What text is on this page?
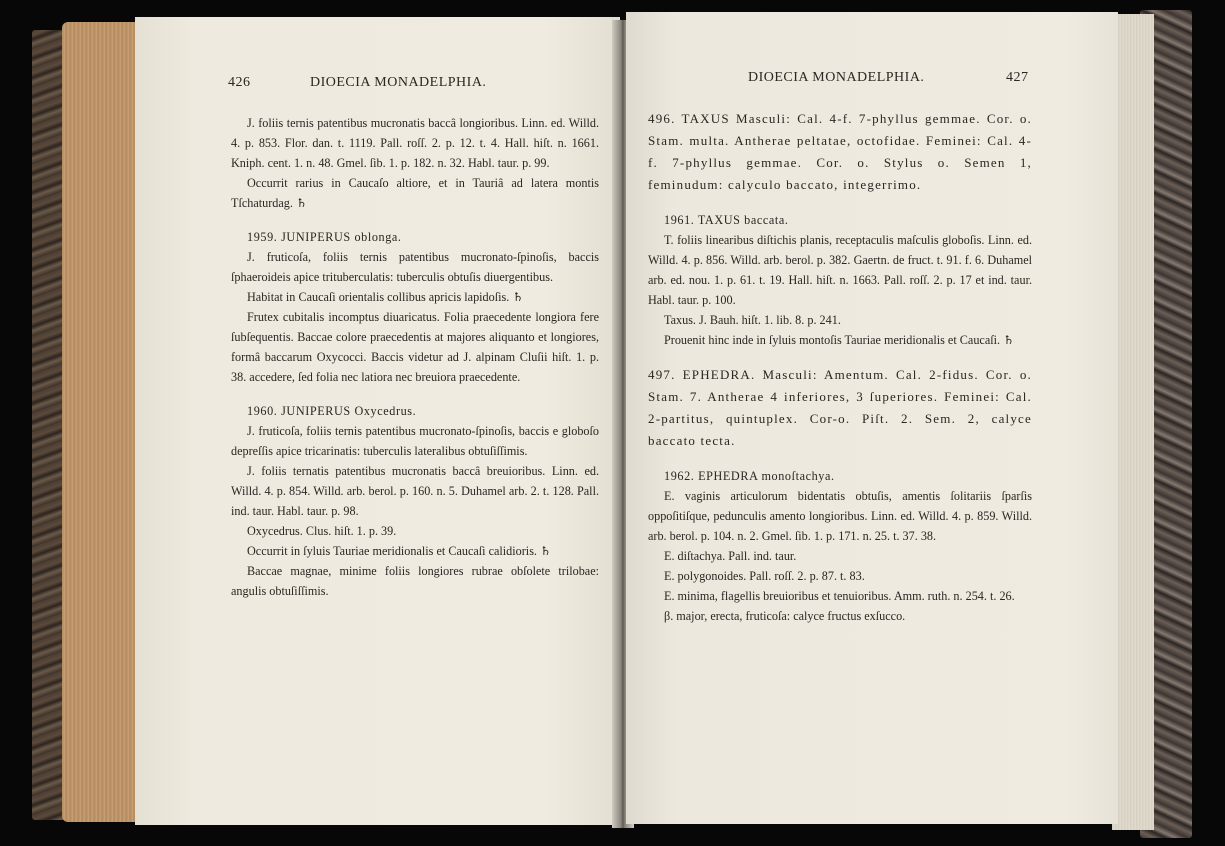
426	DIOECIA MONADELPHIA.

J. foliis ternis patentibus mucronatis baccâ longioribus. Linn. ed. Willd. 4. p. 853. Flor. dan. t. 1119. Pall. roſſ. 2. p. 12. t. 4. Hall. hiſt. n. 1661. Kniph. cent. 1. n. 48. Gmel. ſib. 1. p. 182. n. 32. Habl. taur. p. 99.

Occurrit rarius in Caucaſo altiore, et in Tauriâ ad latera montis Tſchaturdag. ♄

1959. JUNIPERUS oblonga.

J. fruticoſa, foliis ternis patentibus mucronato-ſpinoſis, baccis ſphaeroideis apice trituberculatis: tuberculis obtuſis diuergentibus.

Habitat in Caucaſi orientalis collibus apricis lapidoſis. ♄

Frutex cubitalis incomptus diuaricatus. Folia praecedente longiora fere ſubſequentis. Baccae colore praecedentis at majores aliquanto et longiores, formâ baccarum Oxycocci. Baccis videtur ad J. alpinam Cluſii hiſt. 1. p. 38. accedere, ſed folia nec latiora nec breuiora praecedente.

1960. JUNIPERUS Oxycedrus.

J. fruticoſa, foliis ternis patentibus mucronato-ſpinoſis, baccis e globoſo depreſſis apice tricarinatis: tuberculis lateralibus obtuſiſſimis.

J. foliis ternatis patentibus mucronatis baccâ breuioribus. Linn. ed. Willd. 4. p. 854. Willd. arb. berol. p. 160. n. 5. Duhamel arb. 2. t. 128. Pall. ind. taur. Habl. taur. p. 98.

Oxycedrus. Clus. hiſt. 1. p. 39.

Occurrit in ſyluis Tauriae meridionalis et Caucaſi calidioris. ♄

Baccae magnae, minime foliis longiores rubrae obſolete trilobae: angulis obtuſiſſimis.

DIOECIA MONADELPHIA.	427

496. TAXUS Masculi: Cal. 4-f. 7-phyllus gemmae. Cor. o. Stam. multa. Antherae peltatae, octofidae. Feminei: Cal. 4-f. 7-phyllus gemmae. Cor. o. Stylus o. Semen 1, feminudum: calyculo baccato, integerrimo.

1961. TAXUS baccata.

T. foliis linearibus diſtichis planis, receptaculis maſculis globoſis. Linn. ed. Willd. 4. p. 856. Willd. arb. berol. p. 382. Gaertn. de fruct. t. 91. f. 6. Duhamel arb. ed. nou. 1. p. 61. t. 19. Hall. hiſt. n. 1663. Pall. roſſ. 2. p. 17 et ind. taur. Habl. taur. p. 100.

Taxus. J. Bauh. hiſt. 1. lib. 8. p. 241.

Prouenit hinc inde in ſyluis montoſis Tauriae meridionalis et Caucaſi. ♄

497. EPHEDRA. Masculi: Amentum. Cal. 2-fidus. Cor. o. Stam. 7. Antherae 4 inferiores, 3 ſuperiores. Feminei: Cal. 2-partitus, quintuplex. Cor-o. Piſt. 2. Sem. 2, calyce baccato tecta.

1962. EPHEDRA monoſtachya.

E. vaginis articulorum bidentatis obtuſis, amentis ſolitariis ſparſis oppoſitiſque, pedunculis amento longioribus. Linn. ed. Willd. 4. p. 859. Willd. arb. berol. p. 104. n. 2. Gmel. ſib. 1. p. 171. n. 25. t. 37. 38.

E. diſtachya. Pall. ind. taur.

E. polygonoides. Pall. roſſ. 2. p. 87. t. 83.

E. minima, flagellis breuioribus et tenuioribus. Amm. ruth. n. 254. t. 26.

β. major, erecta, fruticoſa: calyce fructus exſucco.
